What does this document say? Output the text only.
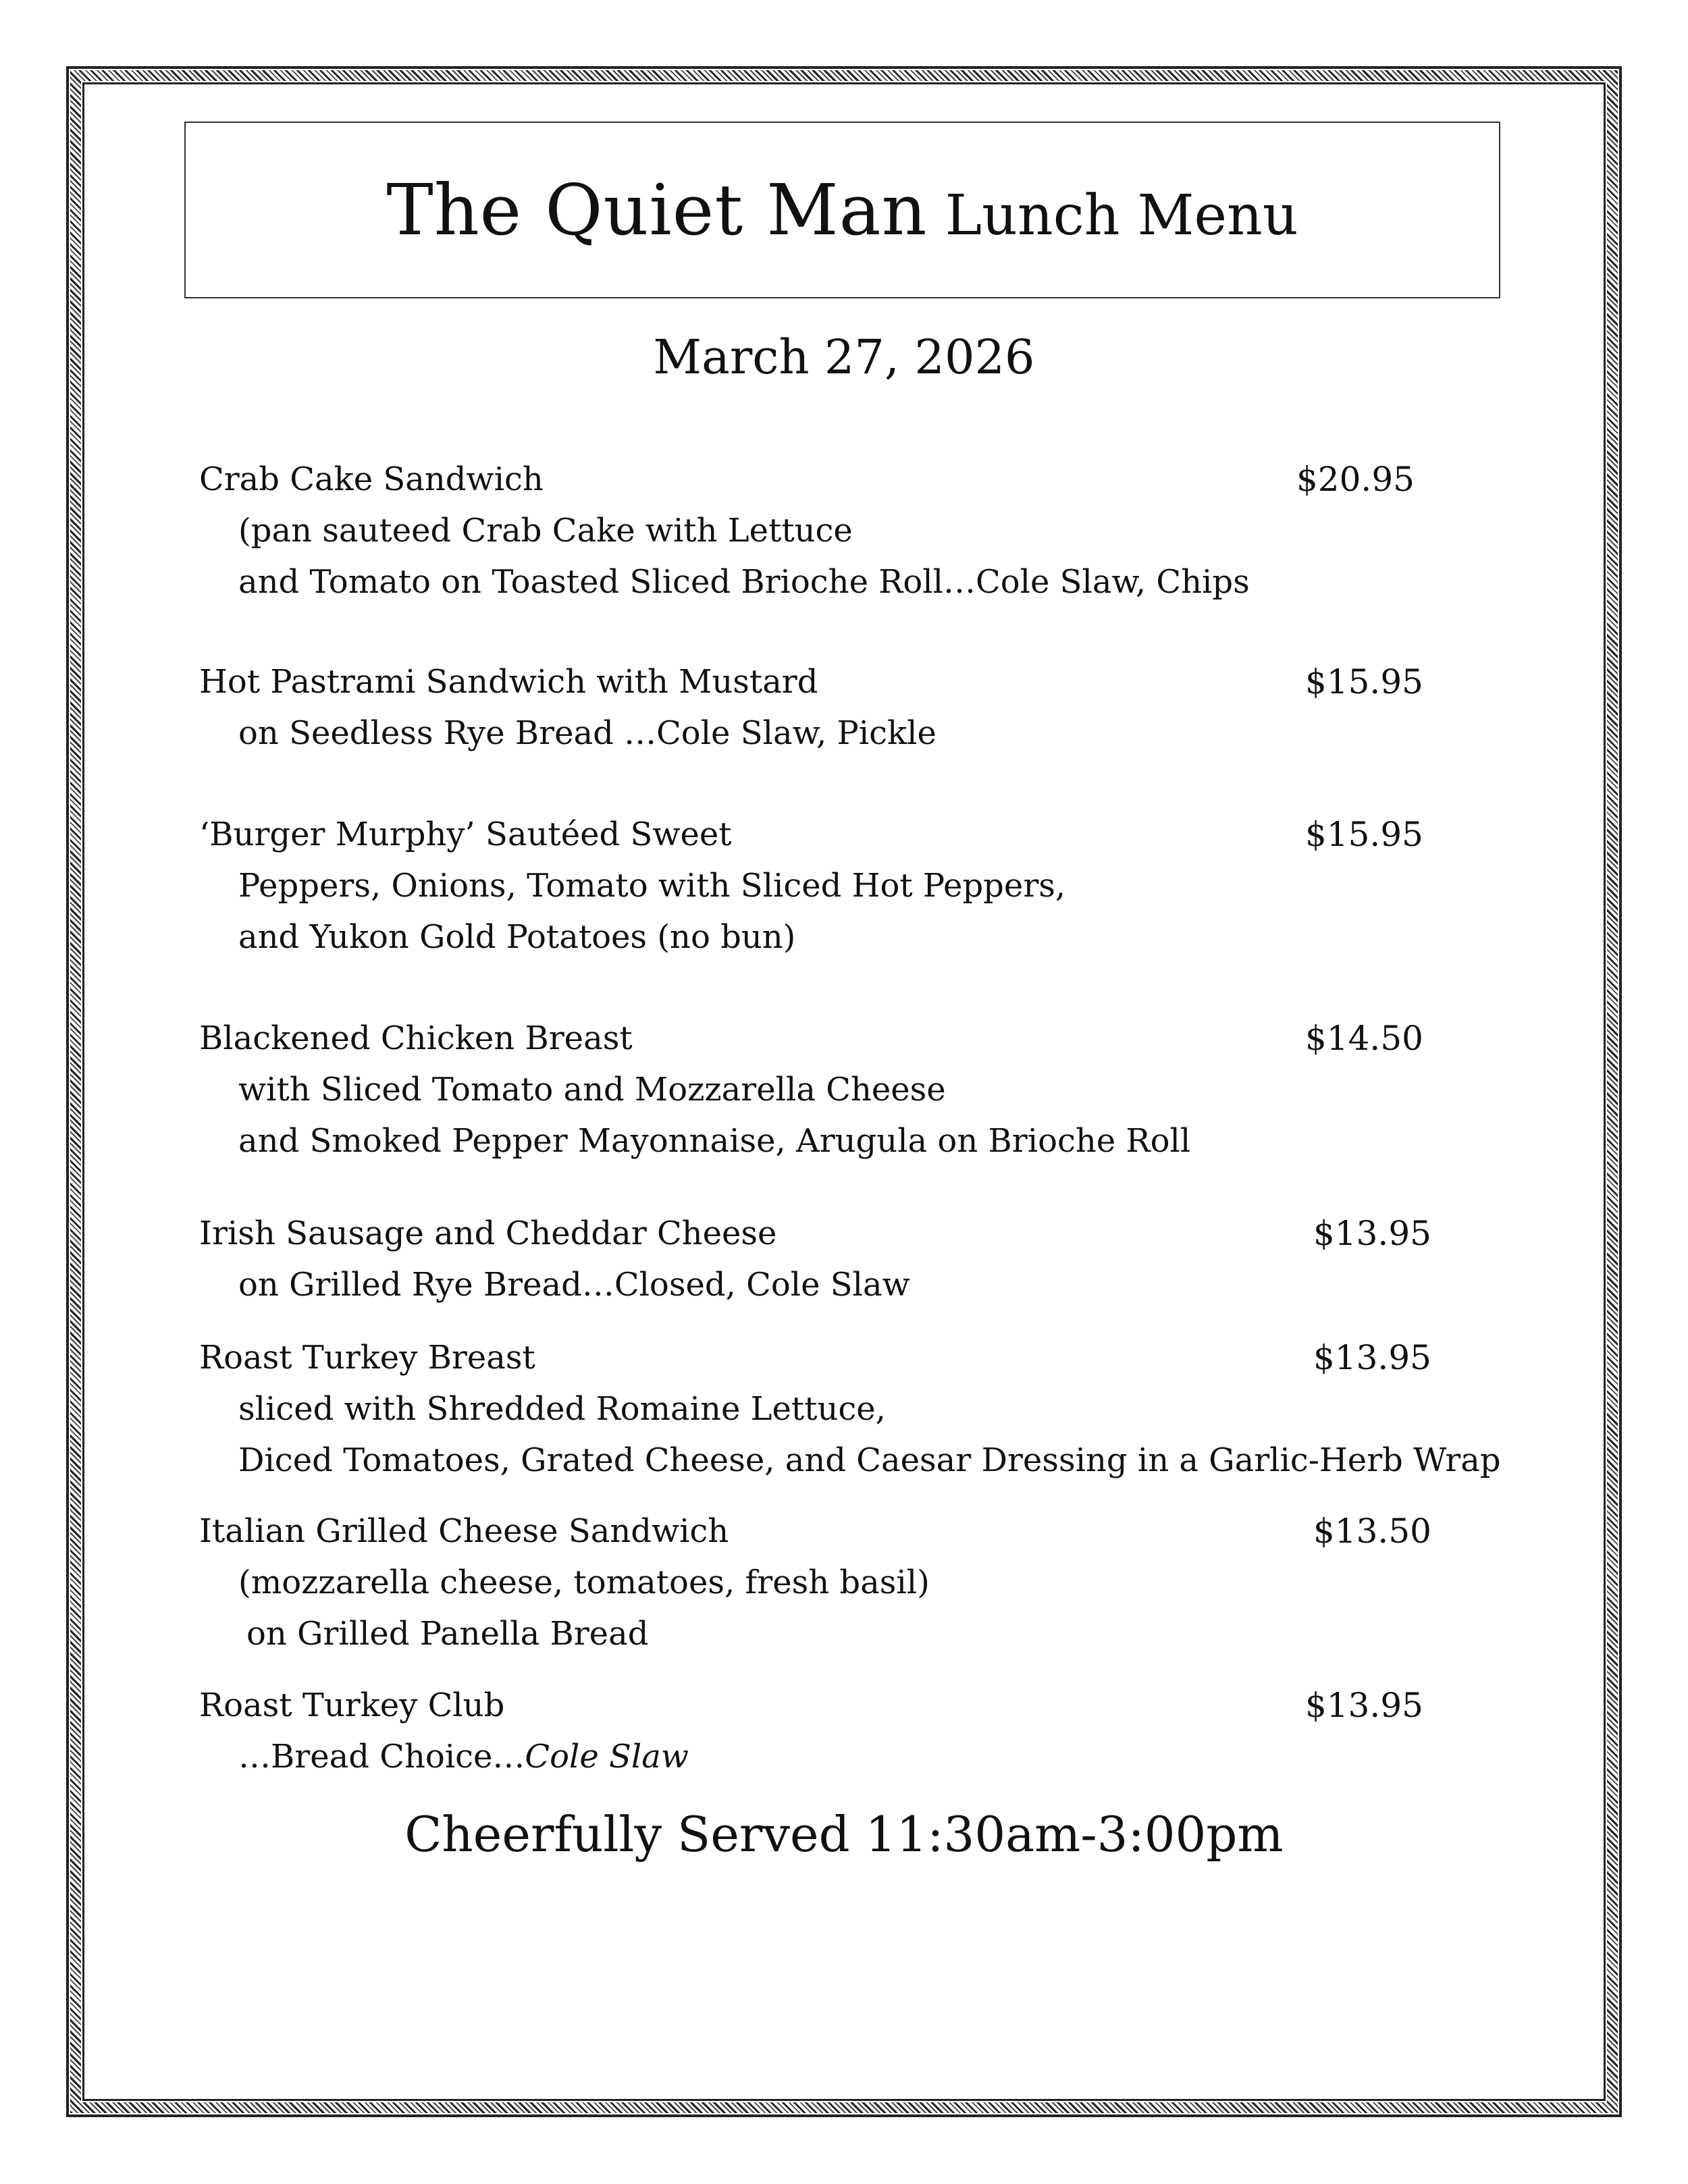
The Quiet Man Lunch Menu
March 27, 2026
Crab Cake Sandwich
(pan sauteed Crab Cake with Lettuce
and Tomato on Toasted Sliced Brioche Roll…Cole Slaw, Chips
$20.95
Hot Pastrami Sandwich with Mustard
on Seedless Rye Bread …Cole Slaw, Pickle
$15.95
‘Burger Murphy’ Sautéed Sweet
Peppers, Onions, Tomato with Sliced Hot Peppers,
and Yukon Gold Potatoes (no bun)
$15.95
Blackened Chicken Breast
with Sliced Tomato and Mozzarella Cheese
and Smoked Pepper Mayonnaise, Arugula on Brioche Roll
$14.50
Irish Sausage and Cheddar Cheese
on Grilled Rye Bread…Closed, Cole Slaw
$13.95
Roast Turkey Breast
sliced with Shredded Romaine Lettuce,
Diced Tomatoes, Grated Cheese, and Caesar Dressing in a Garlic-Herb Wrap
$13.95
Italian Grilled Cheese Sandwich
(mozzarella cheese, tomatoes, fresh basil)
on Grilled Panella Bread
$13.50
Roast Turkey Club
…Bread Choice…Cole Slaw
$13.95
Cheerfully Served 11:30am-3:00pm
